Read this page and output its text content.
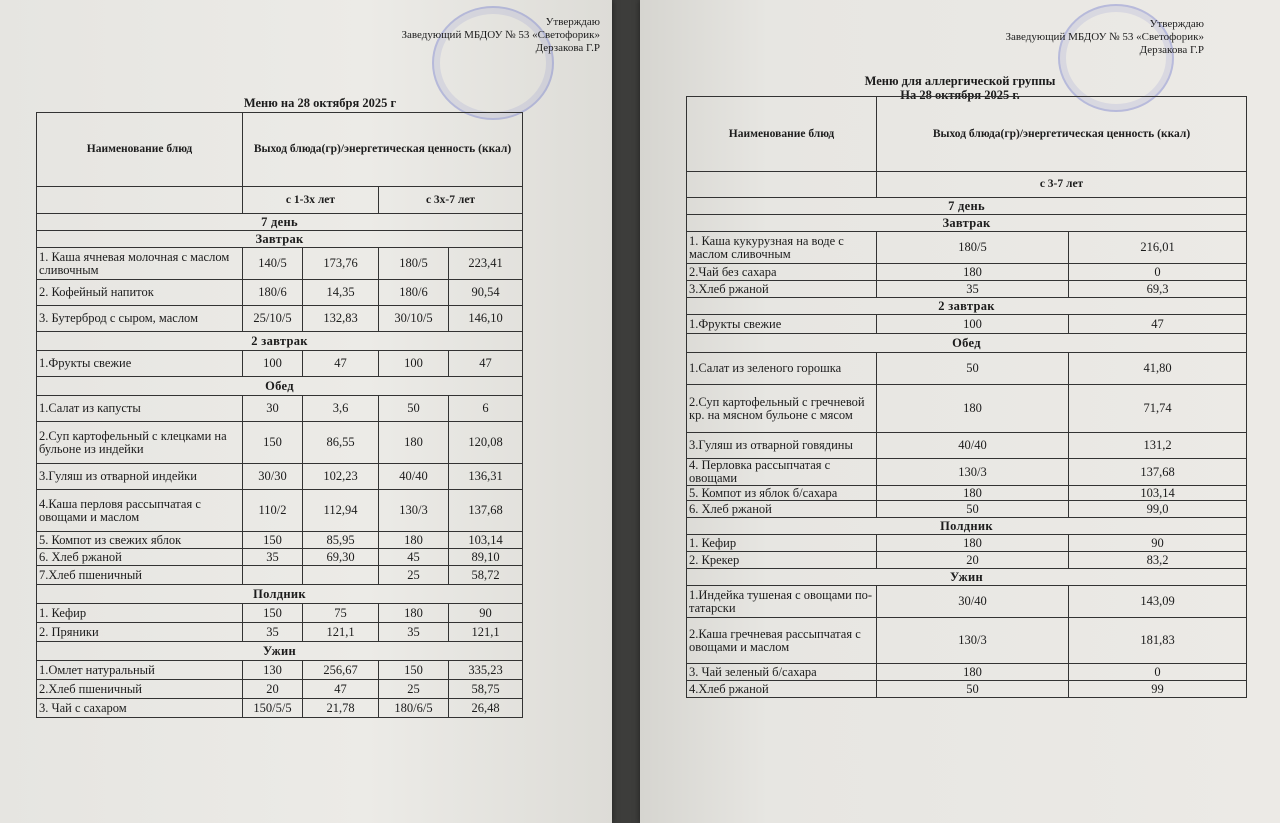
Утверждаю
Заведующий МБДОУ № 53 «Светофорик»
Дерзакова Г.Р
Меню на 28 октября 2025 г
Наименование блюд	Выход блюда(гр)/энергетическая ценность (ккал)			
	с 1-3х лет		с 3х-7 лет	
7 день				
Завтрак				
1. Каша ячневая молочная с маслом сливочным	140/5	173,76	180/5	223,41
2. Кофейный напиток	180/6	14,35	180/6	90,54
3. Бутерброд с сыром, маслом	25/10/5	132,83	30/10/5	146,10
2 завтрак				
1.Фрукты свежие	100	47	100	47
Обед				
1.Салат из капусты	30	3,6	50	6
2.Суп картофельный с клецками на бульоне из индейки	150	86,55	180	120,08
3.Гуляш из отварной индейки	30/30	102,23	40/40	136,31
4.Каша перловя рассыпчатая с овощами и маслом	110/2	112,94	130/3	137,68
5. Компот из свежих яблок	150	85,95	180	103,14
6. Хлеб ржаной	35	69,30	45	89,10
7.Хлеб пшеничный			25	58,72
Полдник				
1. Кефир	150	75	180	90
2. Пряники	35	121,1	35	121,1
Ужин				
1.Омлет натуральный	130	256,67	150	335,23
2.Хлеб пшеничный	20	47	25	58,75
3. Чай с сахаром	150/5/5	21,78	180/6/5	26,48
Утверждаю
Заведующий МБДОУ № 53 «Светофорик»
Дерзакова Г.Р
Меню для аллергической группы
На 28 октября 2025 г.
Наименование блюд	Выход блюда(гр)/энергетическая ценность (ккал)	
	с 3-7 лет	
7 день		
Завтрак		
1. Каша кукурузная на воде с маслом сливочным	180/5	216,01
2.Чай без сахара	180	0
3.Хлеб ржаной	35	69,3
2 завтрак		
1.Фрукты свежие	100	47
Обед		
1.Салат из зеленого горошка	50	41,80
2.Суп картофельный с гречневой кр. на мясном бульоне с мясом	180	71,74
3.Гуляш из отварной говядины	40/40	131,2
4. Перловка рассыпчатая с овощами	130/3	137,68
5. Компот из яблок б/сахара	180	103,14
6. Хлеб ржаной	50	99,0
Полдник		
1. Кефир	180	90
2. Крекер	20	83,2
Ужин		
1.Индейка тушеная с овощами по-татарски	30/40	143,09
2.Каша гречневая рассыпчатая с овощами и маслом	130/3	181,83
3. Чай зеленый б/сахара	180	0
4.Хлеб ржаной	50	99
